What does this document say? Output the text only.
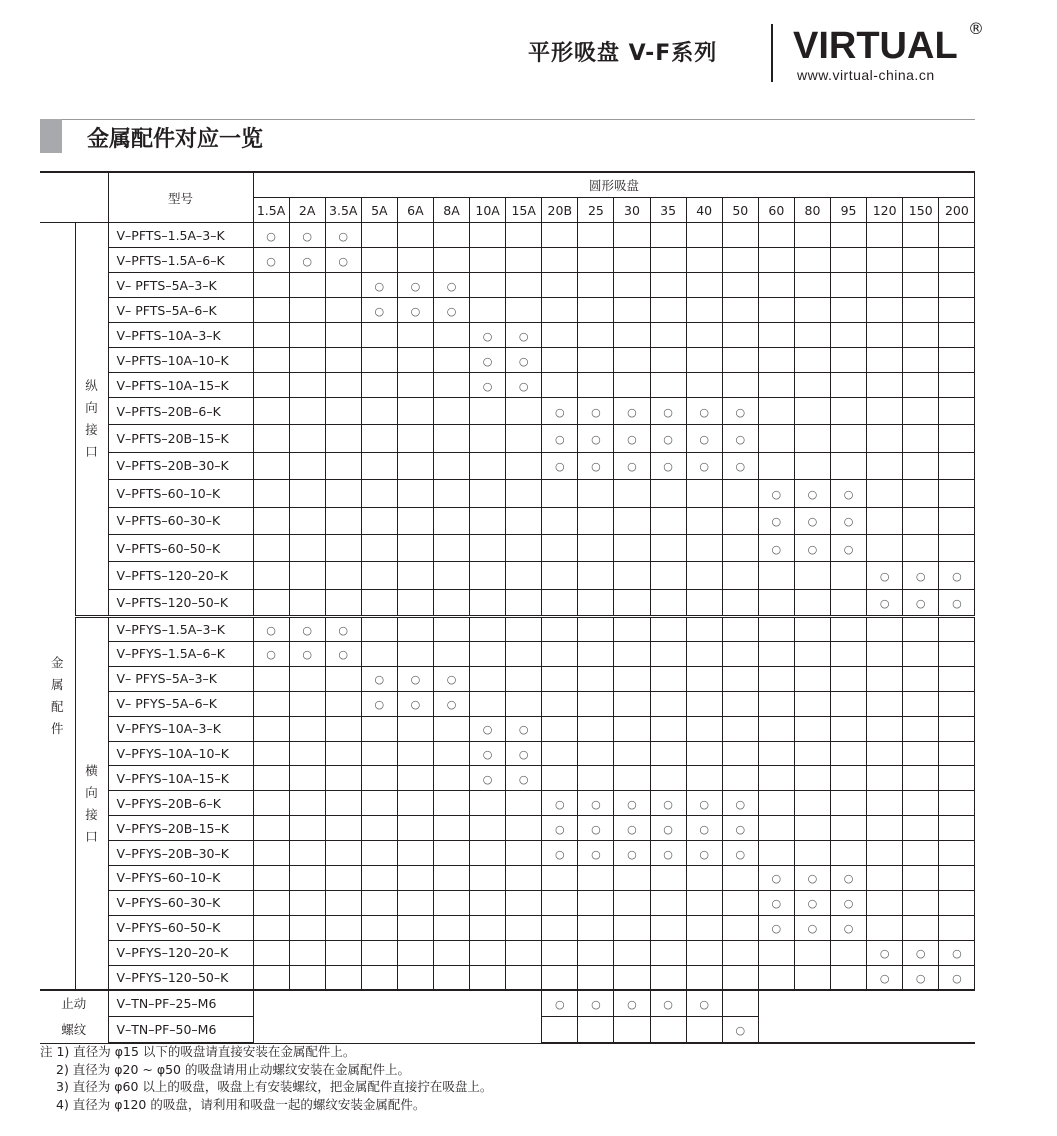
平形吸盘 V-F系列 VIRTUAL ®
www.virtual-china.cn
金属配件对应一览
		型号	圆形吸盘																			
			1.5A	2A	3.5A	5A	6A	8A	10A	15A	20B	25	30	35	40	50	60	80	95	120	150	200
金属配件	纵向接口	V–PFTS–1.5A–3–K	○	○	○																	
		V–PFTS–1.5A–6–K	○	○	○																	
		V– PFTS–5A–3–K				○	○	○														
		V– PFTS–5A–6–K				○	○	○														
		V–PFTS–10A–3–K							○	○												
		V–PFTS–10A–10–K							○	○												
		V–PFTS–10A–15–K							○	○												
		V–PFTS–20B–6–K									○	○	○	○	○	○						
		V–PFTS–20B–15–K									○	○	○	○	○	○						
		V–PFTS–20B–30–K									○	○	○	○	○	○						
		V–PFTS–60–10–K															○	○	○			
		V–PFTS–60–30–K															○	○	○			
		V–PFTS–60–50–K															○	○	○			
		V–PFTS–120–20–K																		○	○	○
		V–PFTS–120–50–K																		○	○	○
	横向接口	V–PFYS–1.5A–3–K	○	○	○																	
		V–PFYS–1.5A–6–K	○	○	○																	
		V– PFYS–5A–3–K				○	○	○														
		V– PFYS–5A–6–K				○	○	○														
		V–PFYS–10A–3–K							○	○												
		V–PFYS–10A–10–K							○	○												
		V–PFYS–10A–15–K							○	○												
		V–PFYS–20B–6–K									○	○	○	○	○	○						
		V–PFYS–20B–15–K									○	○	○	○	○	○						
		V–PFYS–20B–30–K									○	○	○	○	○	○						
		V–PFYS–60–10–K															○	○	○			
		V–PFYS–60–30–K															○	○	○			
		V–PFYS–60–50–K															○	○	○			
		V–PFYS–120–20–K																		○	○	○
		V–PFYS–120–50–K																		○	○	○
止动螺纹		V–TN–PF–25–M6									○	○	○	○	○							
		V–TN–PF–50–M6														○						
注 1) 直径为 φ15 以下的吸盘请直接安装在金属配件上。
2) 直径为 φ20 ~ φ50 的吸盘请用止动螺纹安装在金属配件上。
3) 直径为 φ60 以上的吸盘，吸盘上有安装螺纹，把金属配件直接拧在吸盘上。
4) 直径为 φ120 的吸盘，请利用和吸盘一起的螺纹安装金属配件。
